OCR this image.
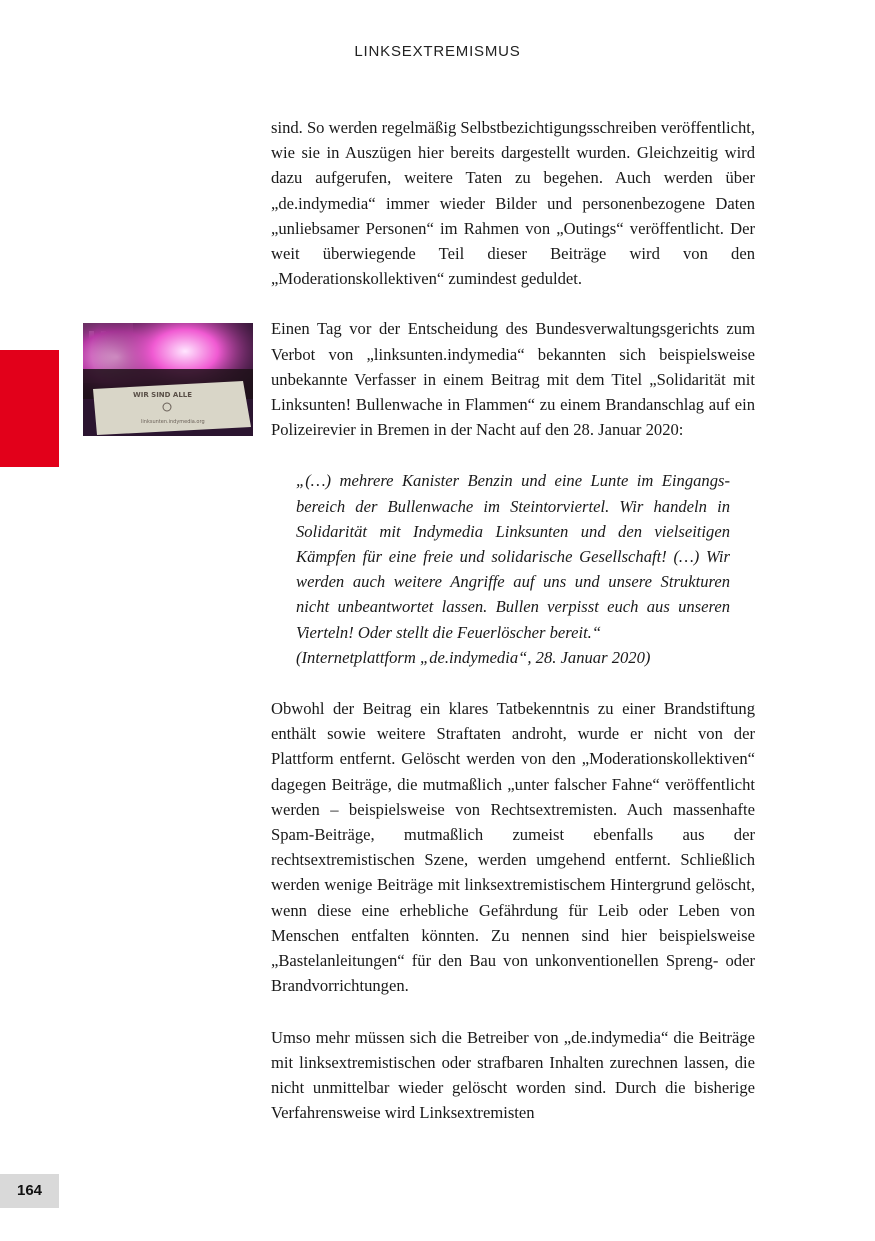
LINKSEXTREMISMUS
WIR SIND ALLE
linksunten.indymedia.org

sind. So werden regelmäßig Selbstbezichtigungsschreiben veröffentlicht, wie sie in Auszügen hier bereits dargestellt wurden. Gleichzeitig wird dazu aufgerufen, weitere Taten zu begehen. Auch werden über „de.indymedia“ immer wieder Bilder und personenbezogene Daten „unliebsamer Personen“ im Rahmen von „Outings“ veröffentlicht. Der weit überwiegende Teil dieser Beiträge wird von den „Moderationskollektiven“ zumindest geduldet.

Einen Tag vor der Entscheidung des Bundesverwaltungsgerichts zum Verbot von „linksunten.indymedia“ bekannten sich beispielsweise unbekannte Verfasser in einem Beitrag mit dem Titel „Solidarität mit Linksunten! Bullenwache in Flammen“ zu einem Brandanschlag auf ein Polizeirevier in Bremen in der Nacht auf den 28. Januar 2020:

„(…) mehrere Kanister Benzin und eine Lunte im Eingangsbereich der Bullenwache im Steintorviertel. Wir handeln in Solidarität mit Indymedia Linksunten und den vielseitigen Kämpfen für eine freie und solidarische Gesellschaft! (…) Wir werden auch weitere Angriffe auf uns und unsere Strukturen nicht unbeantwortet lassen. Bullen verpisst euch aus unseren Vierteln! Oder stellt die Feuerlöscher bereit.“
(Internetplattform „de.indymedia“, 28. Januar 2020)

Obwohl der Beitrag ein klares Tatbekenntnis zu einer Brandstiftung enthält sowie weitere Straftaten androht, wurde er nicht von der Plattform entfernt. Gelöscht werden von den „Moderationskollektiven“ dagegen Beiträge, die mutmaßlich „unter falscher Fahne“ veröffentlicht werden – beispielsweise von Rechtsextremisten. Auch massenhafte Spam-Beiträge, mutmaßlich zumeist ebenfalls aus der rechtsextremistischen Szene, werden umgehend entfernt. Schließlich werden wenige Beiträge mit linksextremistischem Hintergrund gelöscht, wenn diese eine erhebliche Gefährdung für Leib oder Leben von Menschen entfalten könnten. Zu nennen sind hier beispielsweise „Bastelanleitungen“ für den Bau von unkonventionellen Spreng- oder Brandvorrichtungen.

Umso mehr müssen sich die Betreiber von „de.indymedia“ die Beiträge mit linksextremistischen oder strafbaren Inhalten zurechnen lassen, die nicht unmittelbar wieder gelöscht worden sind. Durch die bisherige Verfahrensweise wird Linksextremisten

164
